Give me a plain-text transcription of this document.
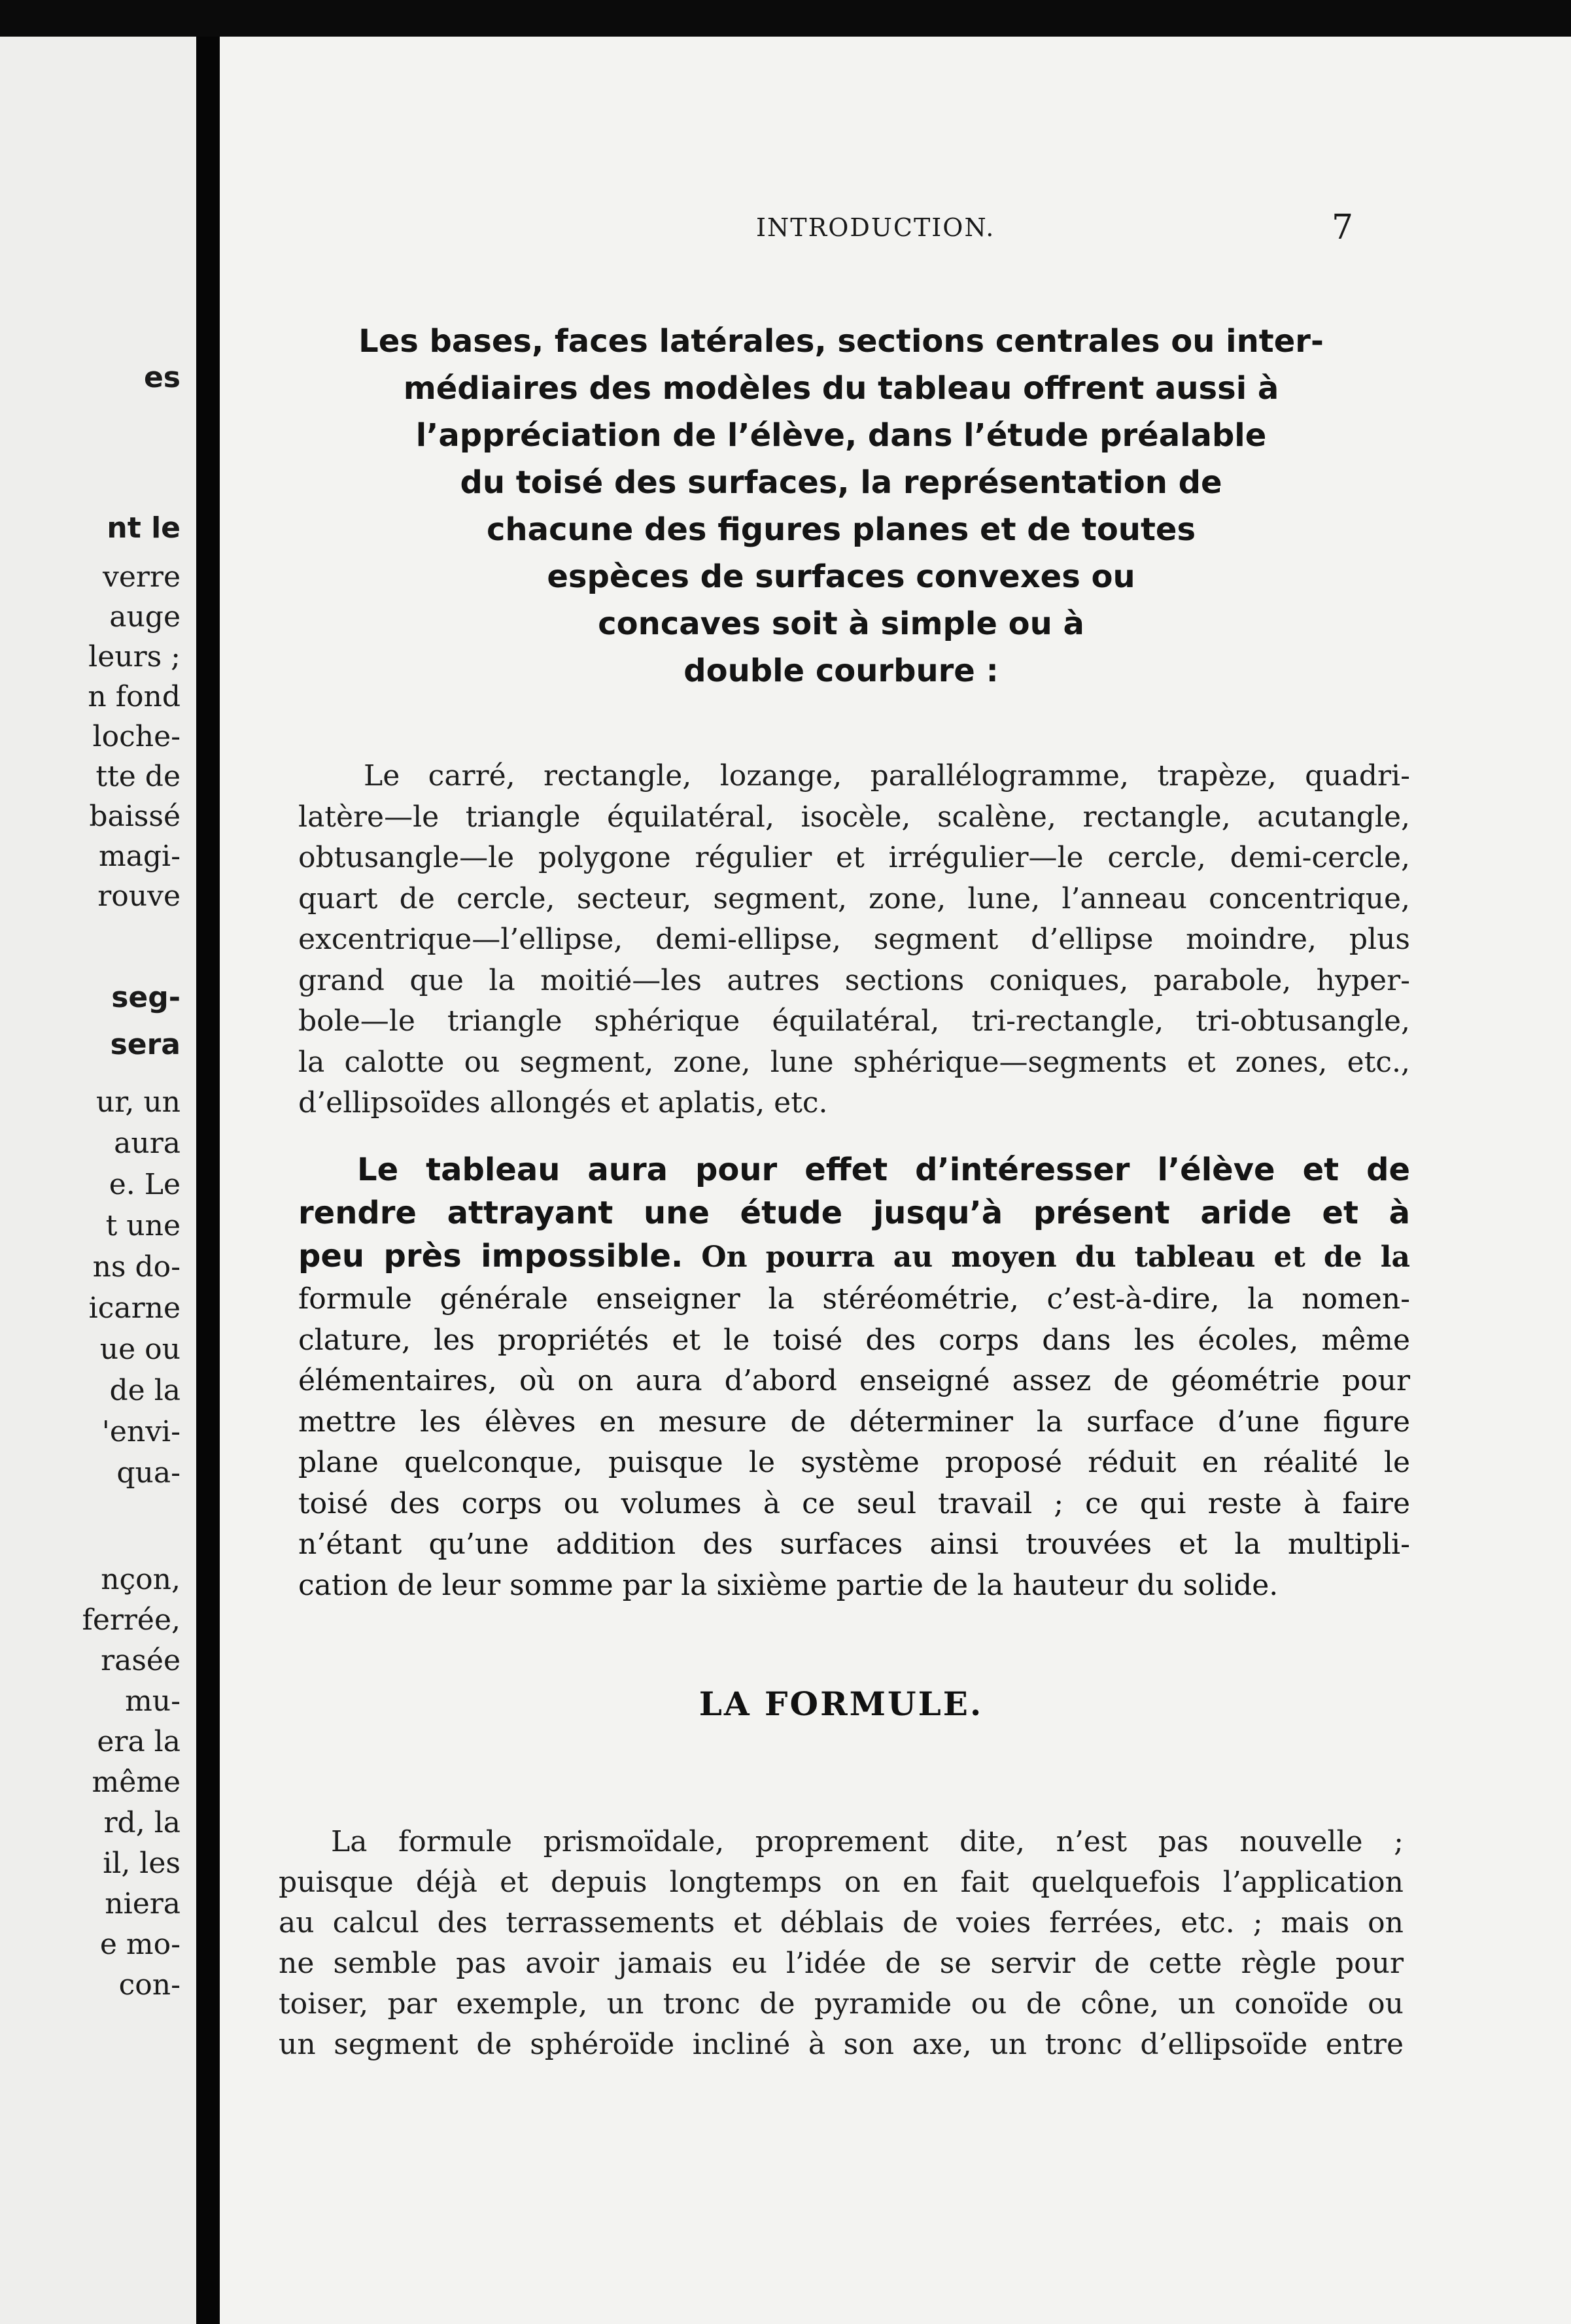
es
nt le
verre
auge
leurs ;
n fond
loche-
tte de
baissé
magi-
rouve
seg-
sera
ur, un
aura
e. Le
t une
ns do-
icarne
ue ou
de la
'envi-
qua-
nçon,
ferrée,
rasée
mu-
era la
même
rd, la
il, les
niera
e mo-
con-
INTRODUCTION.	7
Les bases, faces latérales, sections centrales ou inter-
médiaires des modèles du tableau offrent aussi à
l’appréciation de l’élève, dans l’étude préalable
du toisé des surfaces, la représentation de
chacune des figures planes et de toutes
espèces de surfaces convexes ou
concaves soit à simple ou à
double courbure :
Le carré, rectangle, lozange, parallélogramme, trapèze, quadri-
latère—le triangle équilatéral, isocèle, scalène, rectangle, acutangle,
obtusangle—le polygone régulier et irrégulier—le cercle, demi-cercle,
quart de cercle, secteur, segment, zone, lune, l’anneau concentrique,
excentrique—l’ellipse, demi-ellipse, segment d’ellipse moindre, plus
grand que la moitié—les autres sections coniques, parabole, hyper-
bole—le triangle sphérique équilatéral, tri-rectangle, tri-obtusangle,
la calotte ou segment, zone, lune sphérique—segments et zones, etc.,
d’ellipsoïdes allongés et aplatis, etc.
Le tableau aura pour effet d’intéresser l’élève et de
rendre attrayant une étude jusqu’à présent aride et à
peu près impossible. On pourra au moyen du tableau et de la
formule générale enseigner la stéréométrie, c’est-à-dire, la nomen-
clature, les propriétés et le toisé des corps dans les écoles, même
élémentaires, où on aura d’abord enseigné assez de géométrie pour
mettre les élèves en mesure de déterminer la surface d’une figure
plane quelconque, puisque le système proposé réduit en réalité le
toisé des corps ou volumes à ce seul travail ; ce qui reste à faire
n’étant qu’une addition des surfaces ainsi trouvées et la multipli-
cation de leur somme par la sixième partie de la hauteur du solide.
LA FORMULE.
La formule prismoïdale, proprement dite, n’est pas nouvelle ;
puisque déjà et depuis longtemps on en fait quelquefois l’application
au calcul des terrassements et déblais de voies ferrées, etc. ; mais on
ne semble pas avoir jamais eu l’idée de se servir de cette règle pour
toiser, par exemple, un tronc de pyramide ou de cône, un conoïde ou
un segment de sphéroïde incliné à son axe, un tronc d’ellipsoïde entre
